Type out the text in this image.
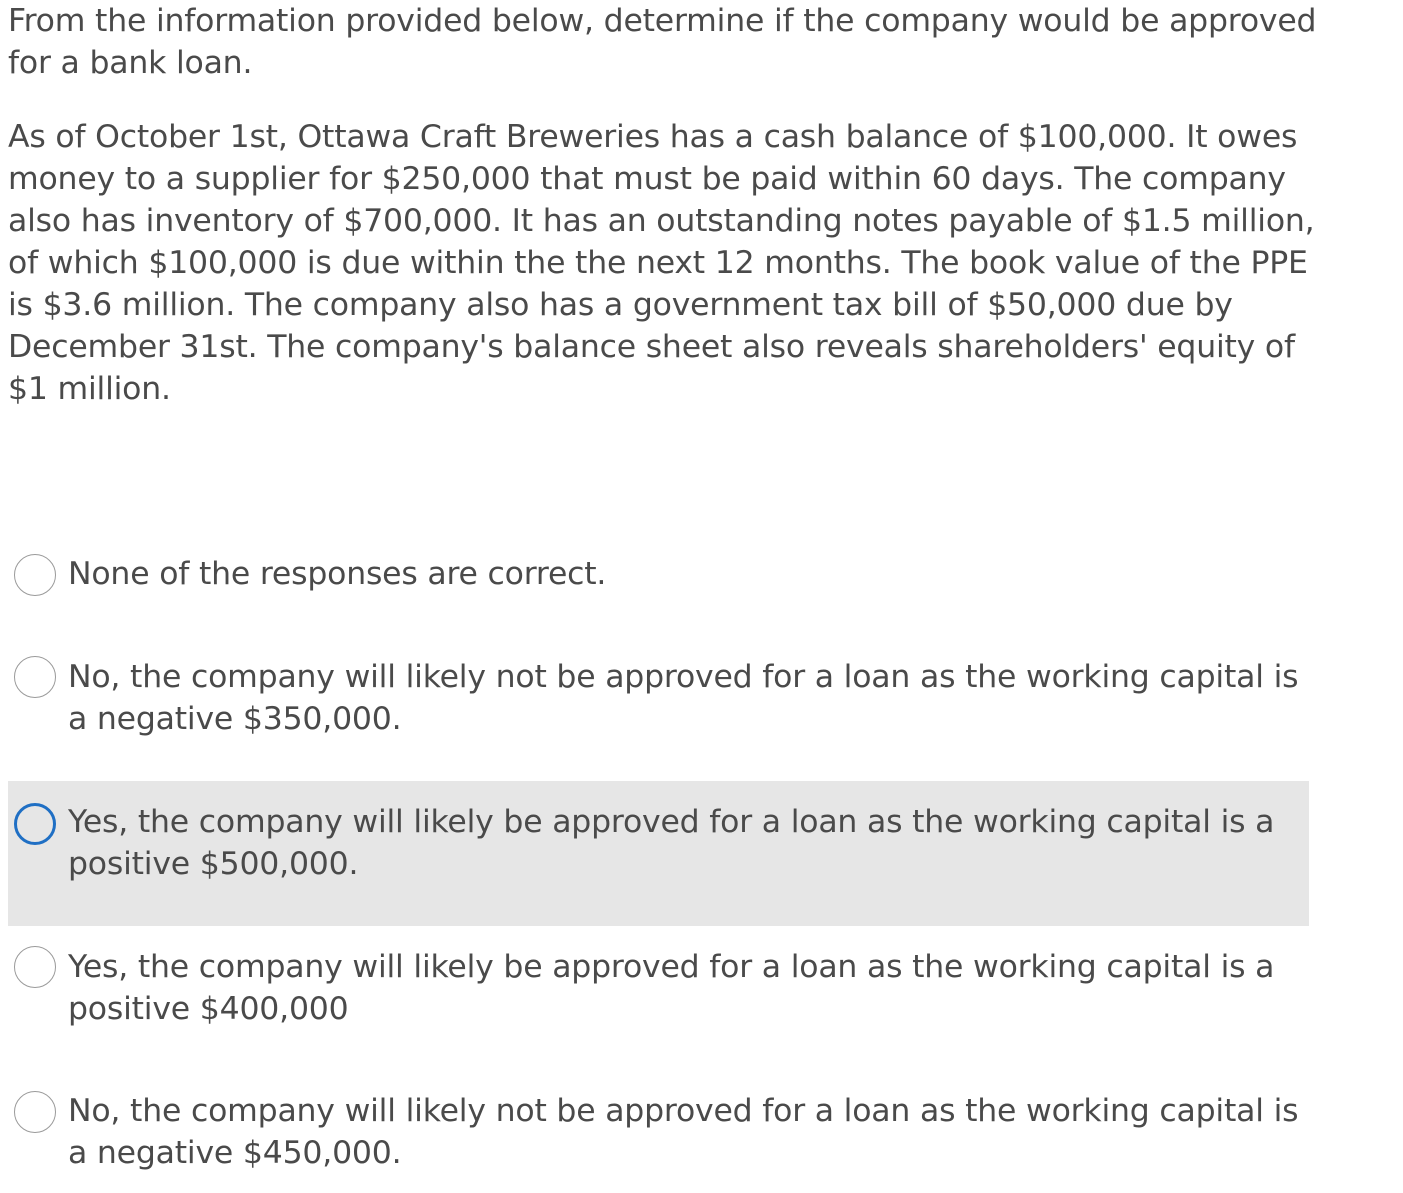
From the information provided below, determine if the company would be approved for a bank loan.

As of October 1st, Ottawa Craft Breweries has a cash balance of $100,000. It owes money to a supplier for $250,000 that must be paid within 60 days. The company also has inventory of $700,000. It has an outstanding notes payable of $1.5 million, of which $100,000 is due within the the next 12 months. The book value of the PPE is $3.6 million. The company also has a government tax bill of $50,000 due by December 31st. The company's balance sheet also reveals shareholders' equity of $1 million.

None of the responses are correct.
No, the company will likely not be approved for a loan as the working capital is a negative $350,000.
Yes, the company will likely be approved for a loan as the working capital is a positive $500,000.
Yes, the company will likely be approved for a loan as the working capital is a positive $400,000
No, the company will likely not be approved for a loan as the working capital is a negative $450,000.
